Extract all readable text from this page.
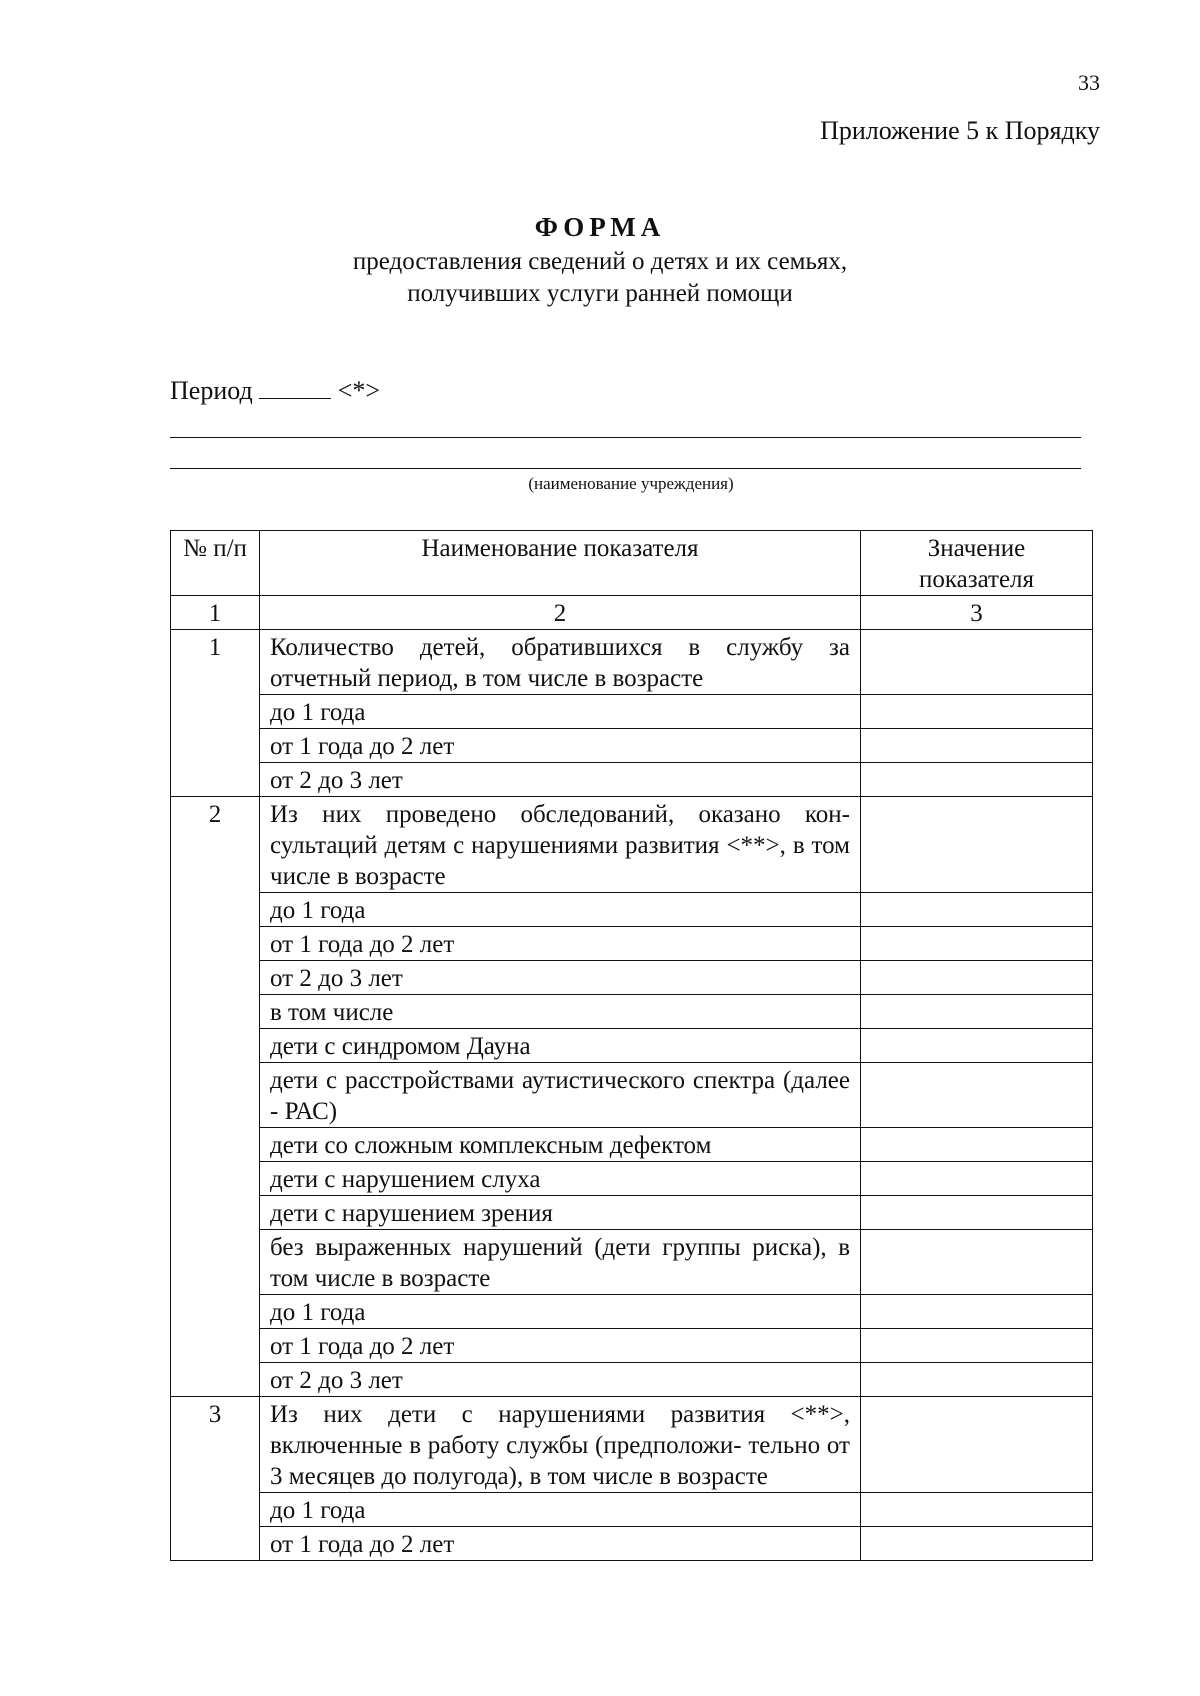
33
Приложение 5 к Порядку
ФОРМА
предоставления сведений о детях и их семьях,
получивших услуги ранней помощи
Период	<*>
(наименование учреждения)
№ п/п	Наименование показателя	Значение показателя
1	2	3
1	Количество детей, обратившихся в службу за отчетный период, в том числе в возрасте	
	до 1 года	
	от 1 года до 2 лет	
	от 2 до 3 лет	
2	Из них проведено обследований, оказано кон- сультаций детям с нарушениями развития <**>, в том числе в возрасте	
	до 1 года	
	от 1 года до 2 лет	
	от 2 до 3 лет	
	в том числе	
	дети с синдромом Дауна	
	дети с расстройствами аутистического спектра (далее - РАС)	
	дети со сложным комплексным дефектом	
	дети с нарушением слуха	
	дети с нарушением зрения	
	без выраженных нарушений (дети группы риска), в том числе в возрасте	
	до 1 года	
	от 1 года до 2 лет	
	от 2 до 3 лет	
3	Из них дети с нарушениями развития <**>, включенные в работу службы (предположи- тельно от 3 месяцев до полугода), в том числе в возрасте	
	до 1 года	
	от 1 года до 2 лет	
